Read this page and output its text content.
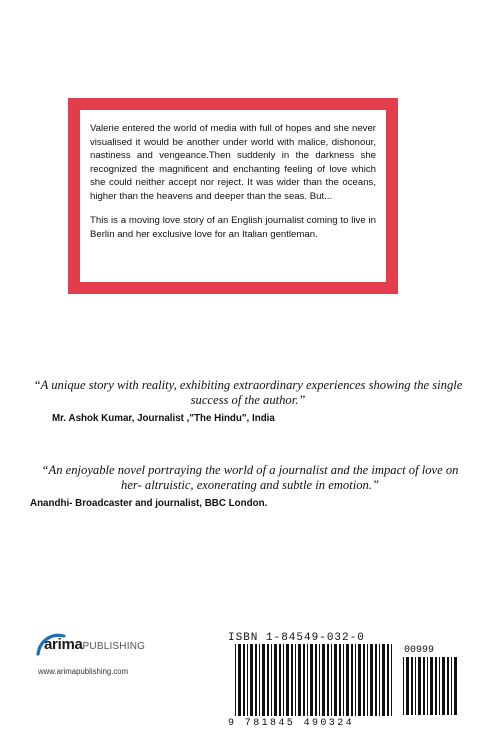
Valerie entered the world of media with full of hopes and she never visualised it would be another under world with malice, dishonour, nastiness and vengeance.Then suddenly in the darkness she recognized the magnificent and enchanting feeling of love which she could neither accept nor reject. It was wider than the oceans, higher than the heavens and deeper than the seas. But...

This is a moving love story of an English journalist coming to live in Berlin and her exclusive love for an Italian gentleman.

“A unique story with reality, exhibiting extraordinary experiences showing the single success of the author.”

Mr. Ashok Kumar, Journalist ,"The Hindu", India

“An enjoyable novel portraying the world of a journalist and the impact of love on her- altruistic, exonerating and subtle in emotion.”

Anandhi- Broadcaster and journalist, BBC London.

arimaPUBLISHING
www.arimapublishing.com
ISBN 1-84549-032-0
00999
9 781845 490324
